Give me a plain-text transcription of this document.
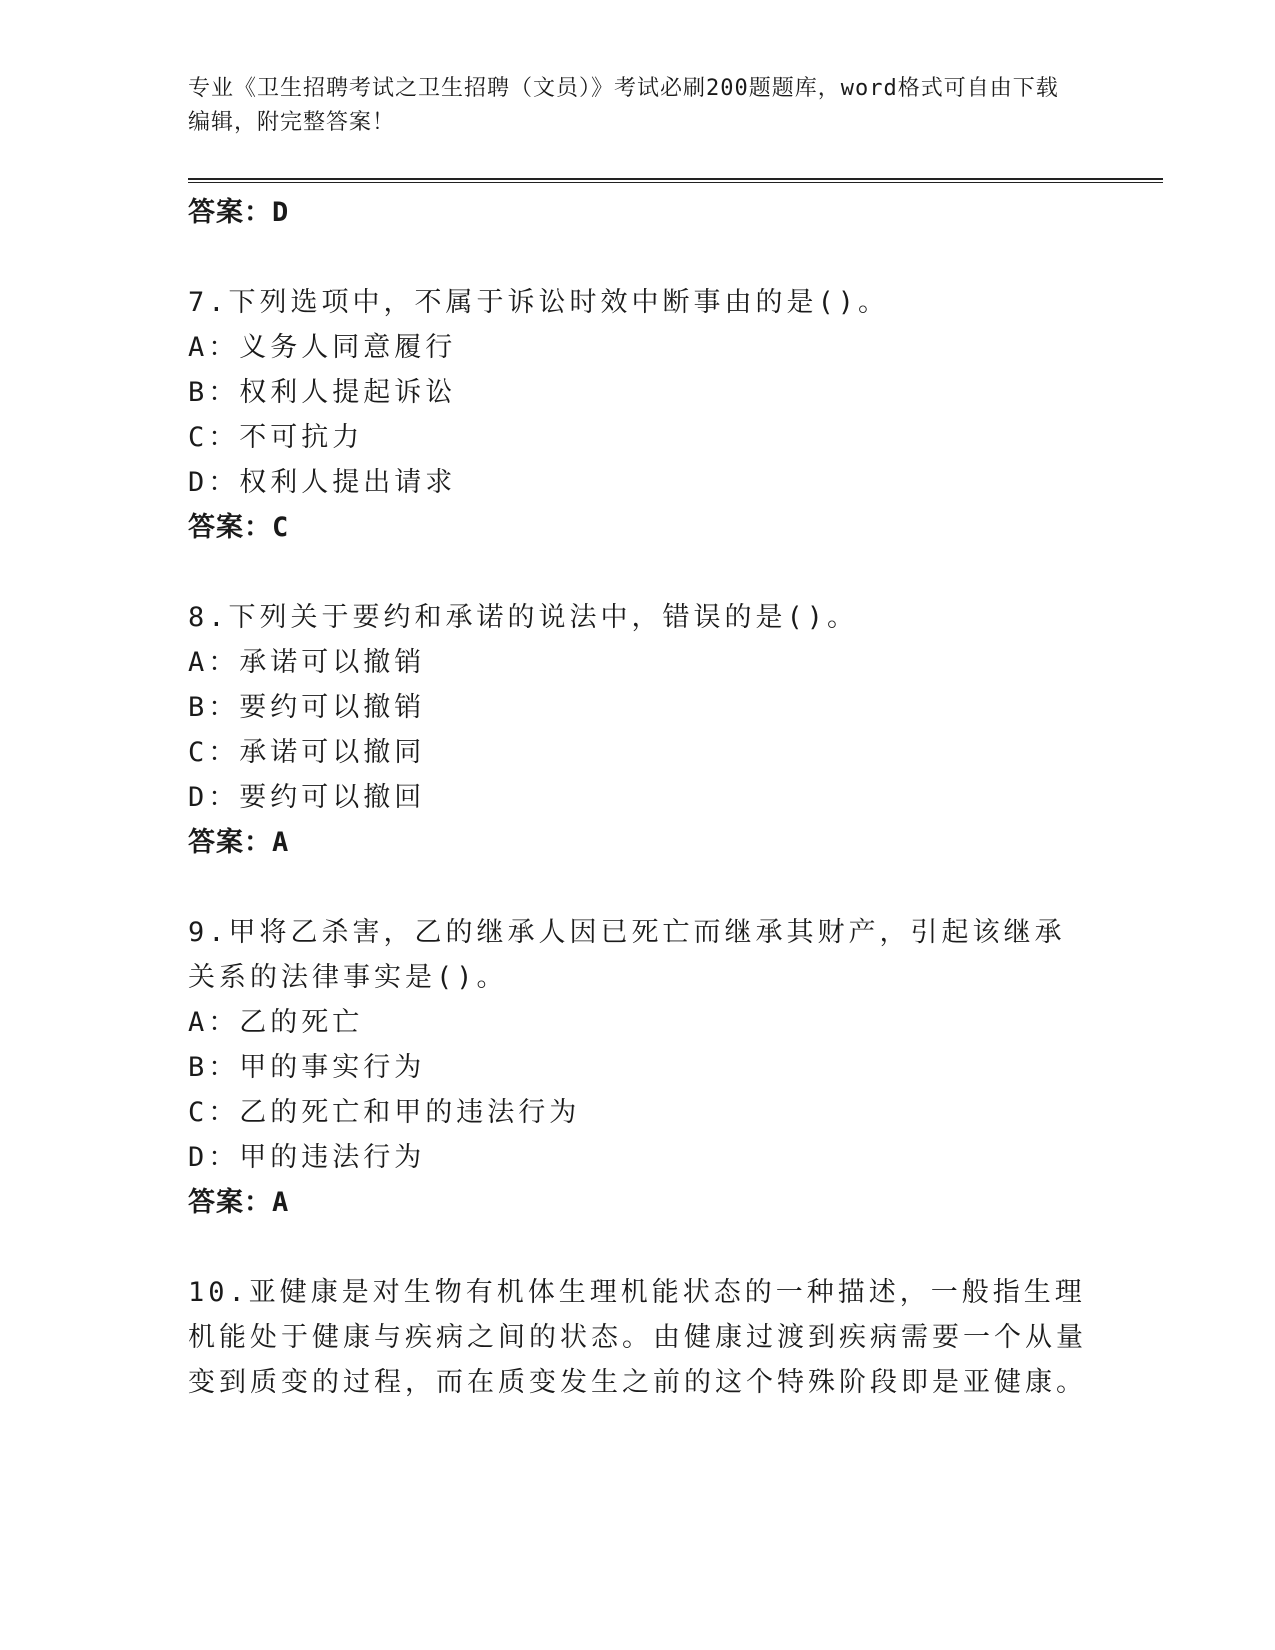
专业《卫生招聘考试之卫生招聘（文员）》考试必刷200题题库，word格式可自由下载编辑，附完整答案！
答案：D
7.下列选项中，不属于诉讼时效中断事由的是()。
A：义务人同意履行
B：权利人提起诉讼
C：不可抗力
D：权利人提出请求
答案：C
8.下列关于要约和承诺的说法中，错误的是()。
A：承诺可以撤销
B：要约可以撤销
C：承诺可以撤同
D：要约可以撤回
答案：A
9.甲将乙杀害，乙的继承人因已死亡而继承其财产，引起该继承关系的法律事实是()。
A：乙的死亡
B：甲的事实行为
C：乙的死亡和甲的违法行为
D：甲的违法行为
答案：A
10.亚健康是对生物有机体生理机能状态的一种描述，一般指生理机能处于健康与疾病之间的状态。由健康过渡到疾病需要一个从量变到质变的过程，而在质变发生之前的这个特殊阶段即是亚健康。
